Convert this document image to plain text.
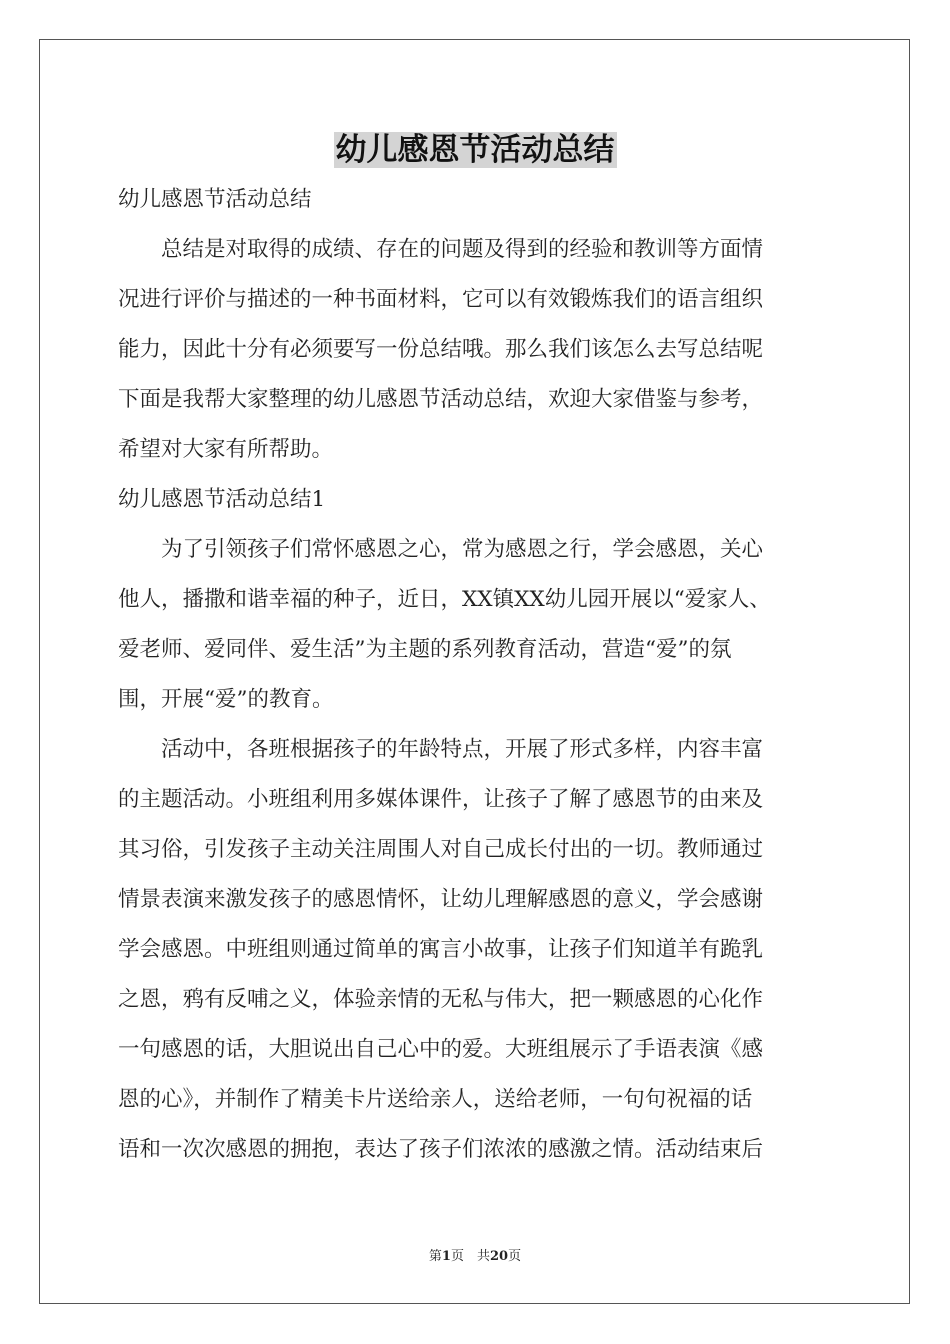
幼儿感恩节活动总结
幼儿感恩节活动总结
　　总结是对取得的成绩、存在的问题及得到的经验和教训等方面情
况进行评价与描述的一种书面材料，它可以有效锻炼我们的语言组织
能力，因此十分有必须要写一份总结哦。那么我们该怎么去写总结呢
下面是我帮大家整理的幼儿感恩节活动总结，欢迎大家借鉴与参考，
希望对大家有所帮助。
幼儿感恩节活动总结1
　　为了引领孩子们常怀感恩之心，常为感恩之行，学会感恩，关心
他人，播撒和谐幸福的种子，近日，XX镇XX幼儿园开展以“爱家人、
爱老师、爱同伴、爱生活”为主题的系列教育活动，营造“爱”的氛
围，开展“爱”的教育。
　　活动中，各班根据孩子的年龄特点，开展了形式多样，内容丰富
的主题活动。小班组利用多媒体课件，让孩子了解了感恩节的由来及
其习俗，引发孩子主动关注周围人对自己成长付出的一切。教师通过
情景表演来激发孩子的感恩情怀，让幼儿理解感恩的意义，学会感谢
学会感恩。中班组则通过简单的寓言小故事，让孩子们知道羊有跪乳
之恩，鸦有反哺之义，体验亲情的无私与伟大，把一颗感恩的心化作
一句感恩的话，大胆说出自己心中的爱。大班组展示了手语表演《感
恩的心》，并制作了精美卡片送给亲人，送给老师，一句句祝福的话
语和一次次感恩的拥抱，表达了孩子们浓浓的感激之情。活动结束后
第1页　共20页
